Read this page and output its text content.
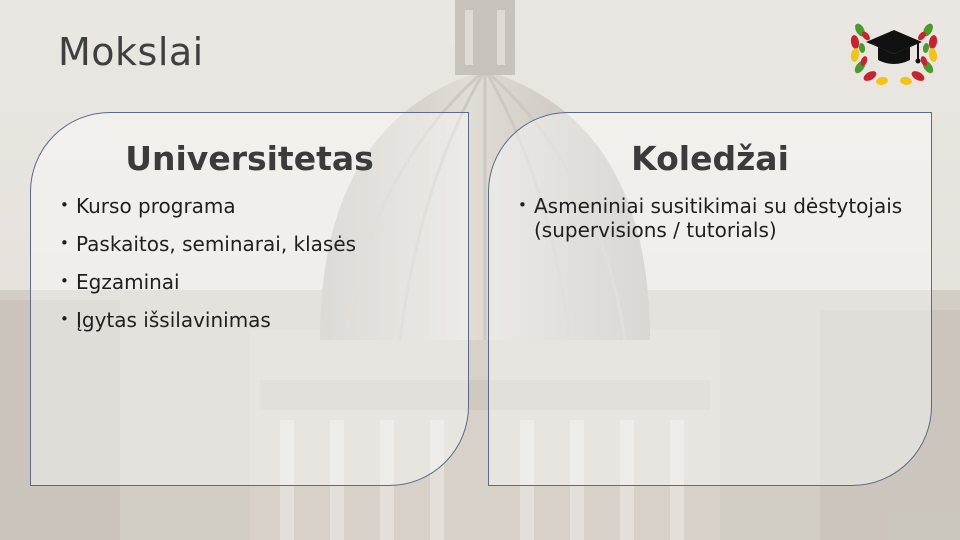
Mokslai
Universitetas
• Kurso programa
• Paskaitos, seminarai, klasės
• Egzaminai
• Įgytas išsilavinimas
Koledžai
• Asmeniniai susitikimai su dėstytojais (supervisions / tutorials)
